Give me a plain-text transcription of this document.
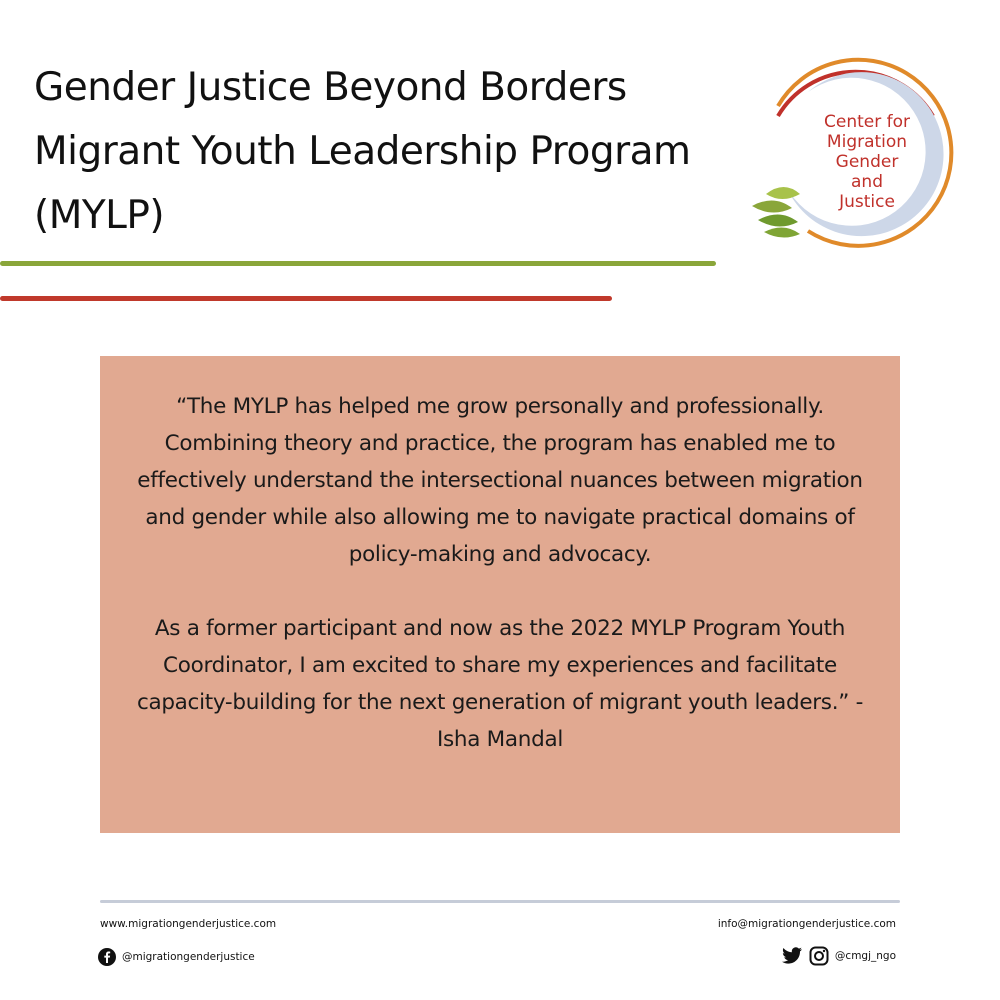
Gender Justice Beyond Borders
Migrant Youth Leadership Program
(MYLP)
Center for
Migration
Gender
and
Justice

“The MYLP has helped me grow personally and professionally. Combining theory and practice, the program has enabled me to effectively understand the intersectional nuances between migration and gender while also allowing me to navigate practical domains of policy-making and advocacy.

As a former participant and now as the 2022 MYLP Program Youth Coordinator, I am excited to share my experiences and facilitate capacity-building for the next generation of migrant youth leaders.” - Isha Mandal

www.migrationgenderjustice.com	info@migrationgenderjustice.com
@migrationgenderjustice	@cmgj_ngo
